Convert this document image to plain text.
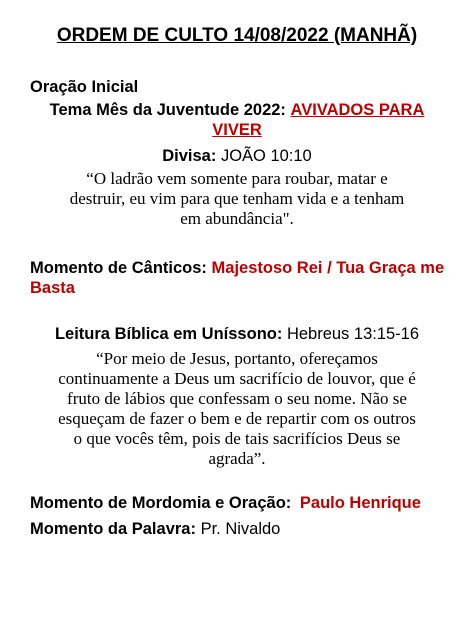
ORDEM DE CULTO 14/08/2022 (MANHÃ)
Oração Inicial
Tema Mês da Juventude 2022: AVIVADOS PARA
VIVER
Divisa: JOÃO 10:10
“O ladrão vem somente para roubar, matar e
destruir, eu vim para que tenham vida e a tenham
em abundância".
Momento de Cânticos: Majestoso Rei / Tua Graça me
Basta
Leitura Bíblica em Uníssono: Hebreus 13:15-16
“Por meio de Jesus, portanto, ofereçamos
continuamente a Deus um sacrifício de louvor, que é
fruto de lábios que confessam o seu nome. Não se
esqueçam de fazer o bem e de repartir com os outros
o que vocês têm, pois de tais sacrifícios Deus se
agrada”.
Momento de Mordomia e Oração: Paulo Henrique
Momento da Palavra: Pr. Nivaldo
